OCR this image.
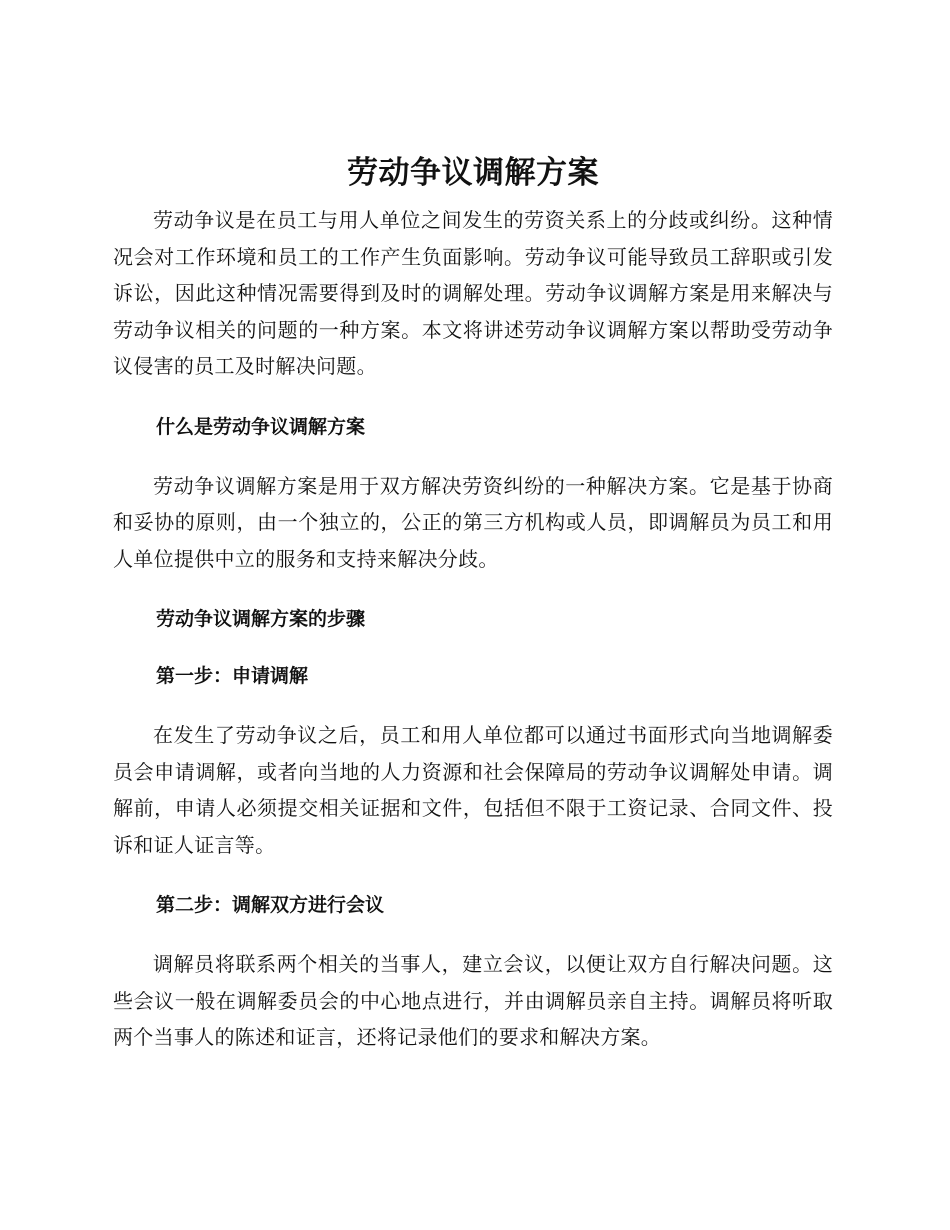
劳动争议调解方案

劳动争议是在员工与用人单位之间发生的劳资关系上的分歧或纠纷。这种情况会对工作环境和员工的工作产生负面影响。劳动争议可能导致员工辞职或引发诉讼，因此这种情况需要得到及时的调解处理。劳动争议调解方案是用来解决与劳动争议相关的问题的一种方案。本文将讲述劳动争议调解方案以帮助受劳动争议侵害的员工及时解决问题。

什么是劳动争议调解方案

劳动争议调解方案是用于双方解决劳资纠纷的一种解决方案。它是基于协商和妥协的原则，由一个独立的，公正的第三方机构或人员，即调解员为员工和用人单位提供中立的服务和支持来解决分歧。

劳动争议调解方案的步骤
第一步：申请调解

在发生了劳动争议之后，员工和用人单位都可以通过书面形式向当地调解委员会申请调解，或者向当地的人力资源和社会保障局的劳动争议调解处申请。调解前，申请人必须提交相关证据和文件，包括但不限于工资记录、合同文件、投诉和证人证言等。

第二步：调解双方进行会议

调解员将联系两个相关的当事人，建立会议，以便让双方自行解决问题。这些会议一般在调解委员会的中心地点进行，并由调解员亲自主持。调解员将听取两个当事人的陈述和证言，还将记录他们的要求和解决方案。
